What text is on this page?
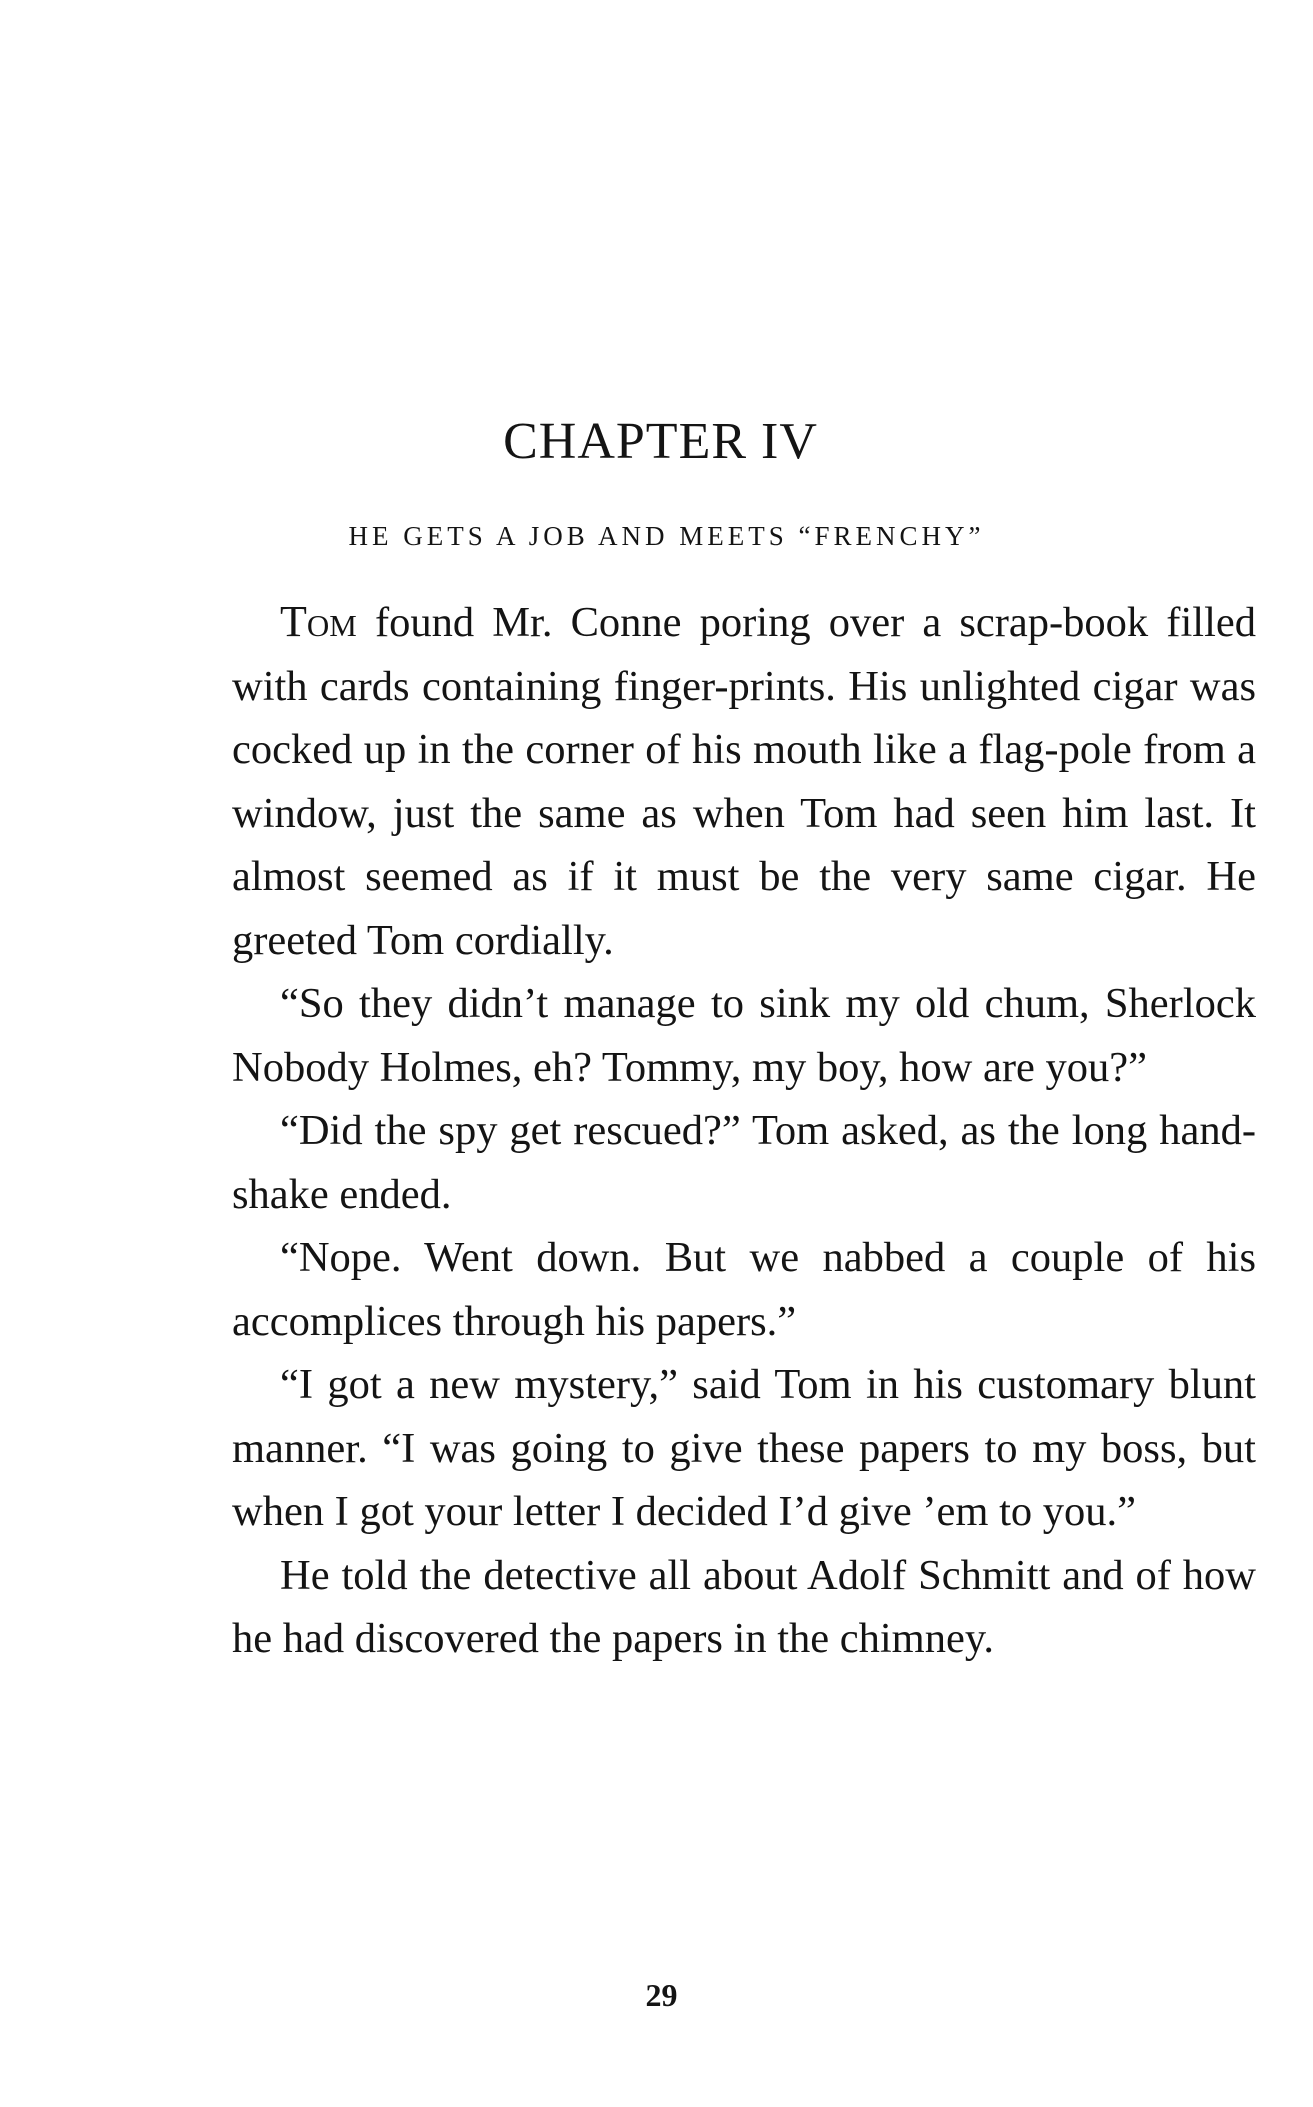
CHAPTER IV
HE GETS A JOB AND MEETS “FRENCHY”

Tom found Mr. Conne poring over a scrap-book filled with cards containing finger-prints. His unlighted cigar was cocked up in the corner of his mouth like a flag-pole from a window, just the same as when Tom had seen him last. It almost seemed as if it must be the very same cigar. He greeted Tom cordially.

“So they didn’t manage to sink my old chum, Sherlock Nobody Holmes, eh? Tommy, my boy, how are you?”

“Did the spy get rescued?” Tom asked, as the long hand-shake ended.

“Nope. Went down. But we nabbed a couple of his accomplices through his papers.”

“I got a new mystery,” said Tom in his customary blunt manner. “I was going to give these papers to my boss, but when I got your letter I decided I’d give ’em to you.”

He told the detective all about Adolf Schmitt and of how he had discovered the papers in the chimney.

29
